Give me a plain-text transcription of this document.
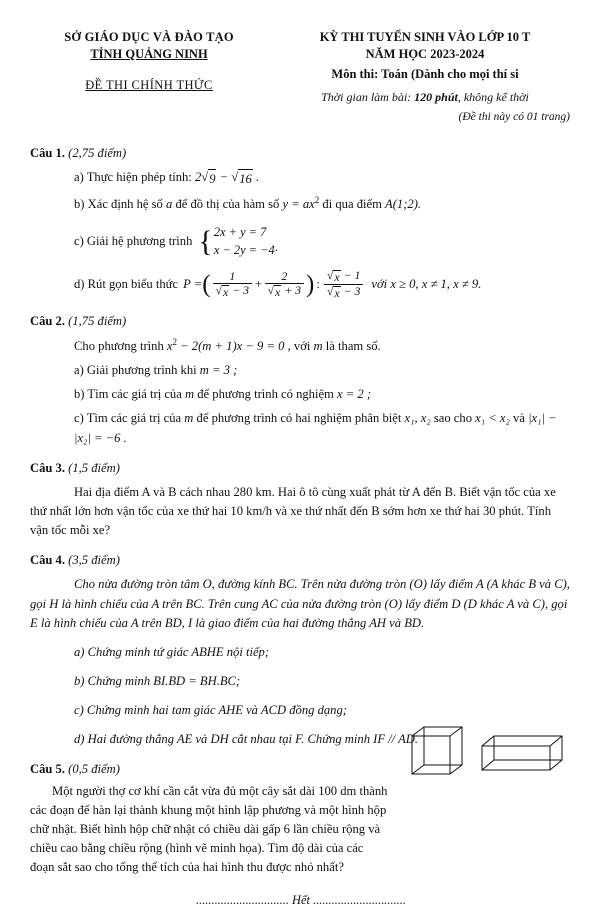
SỞ GIÁO DỤC VÀ ĐÀO TẠO
TỈNH QUẢNG NINH
ĐỀ THI CHÍNH THỨC
KỲ THI TUYỂN SINH VÀO LỚP 10 T
NĂM HỌC 2023-2024
Môn thi: Toán (Dành cho mọi thí si
Thời gian làm bài: 120 phút, không kể thời
(Đề thi này có 01 trang)
Câu 1. (2,75 điểm)
a) Thực hiện phép tính: 2 √ 9 − √ 16 .
b) Xác định hệ số a để đồ thị của hàm số $y = ax^2$ đi qua điểm A(1;2).
c) Giải hệ phương trình { 2x + y = 7
x − 2y = −4 .
d) Rút gọn biểu thức P = ( $\frac{1}{√ x - 3} + \frac{2}{√ x + 3}$ ) : $\frac{√ x - 1}{√ x - 3}$ với x ≥ 0, x ≠ 1, x ≠ 9.
Câu 2. (1,75 điểm)
Cho phương trình $x^2 - 2(m + 1)x - 9 = 0$ , với m là tham số.
a) Giải phương trình khi m = 3 ;
b) Tìm các giá trị của m để phương trình có nghiệm x = 2 ;
c) Tìm các giá trị của m để phương trình có hai nghiệm phân biệt x₁, x₂ sao cho x₁ < x₂ và |x₁| − |x₂| = −6 .
Câu 3. (1,5 điểm)
Hai địa điểm A và B cách nhau 280 km. Hai ô tô cùng xuất phát từ A đến B. Biết vận tốc của xe thứ nhất lớn hơn vận tốc của xe thứ hai 10 km/h và xe thứ nhất đến B sớm hơn xe thứ hai 30 phút. Tính vận tốc mỗi xe?
Câu 4. (3,5 điểm)
Cho nửa đường tròn tâm O, đường kính BC. Trên nửa đường tròn (O) lấy điểm A (A khác B và C), gọi H là hình chiếu của A trên BC. Trên cung AC của nửa đường tròn (O) lấy điểm D (D khác A và C), gọi E là hình chiếu của A trên BD, I là giao điểm của hai đường thẳng AH và BD.
a) Chứng minh tứ giác ABHE nội tiếp;
b) Chứng minh BI.BD = BH.BC;
c) Chứng minh hai tam giác AHE và ACD đồng dạng;
d) Hai đường thẳng AE và DH cắt nhau tại F. Chứng minh IF // AD.
Câu 5. (0,5 điểm)
Một người thợ cơ khí cần cắt vừa đủ một cây sắt dài 100 dm thành các đoạn để hàn lại thành khung một hình lập phương và một hình hộp chữ nhật. Biết hình hộp chữ nhật có chiều dài gấp 6 lần chiều rộng và chiều cao bằng chiều rộng (hình vẽ minh họa). Tìm độ dài của các đoạn sắt sao cho tổng thể tích của hai hình thu được nhỏ nhất?
.............................. Hết ..............................
